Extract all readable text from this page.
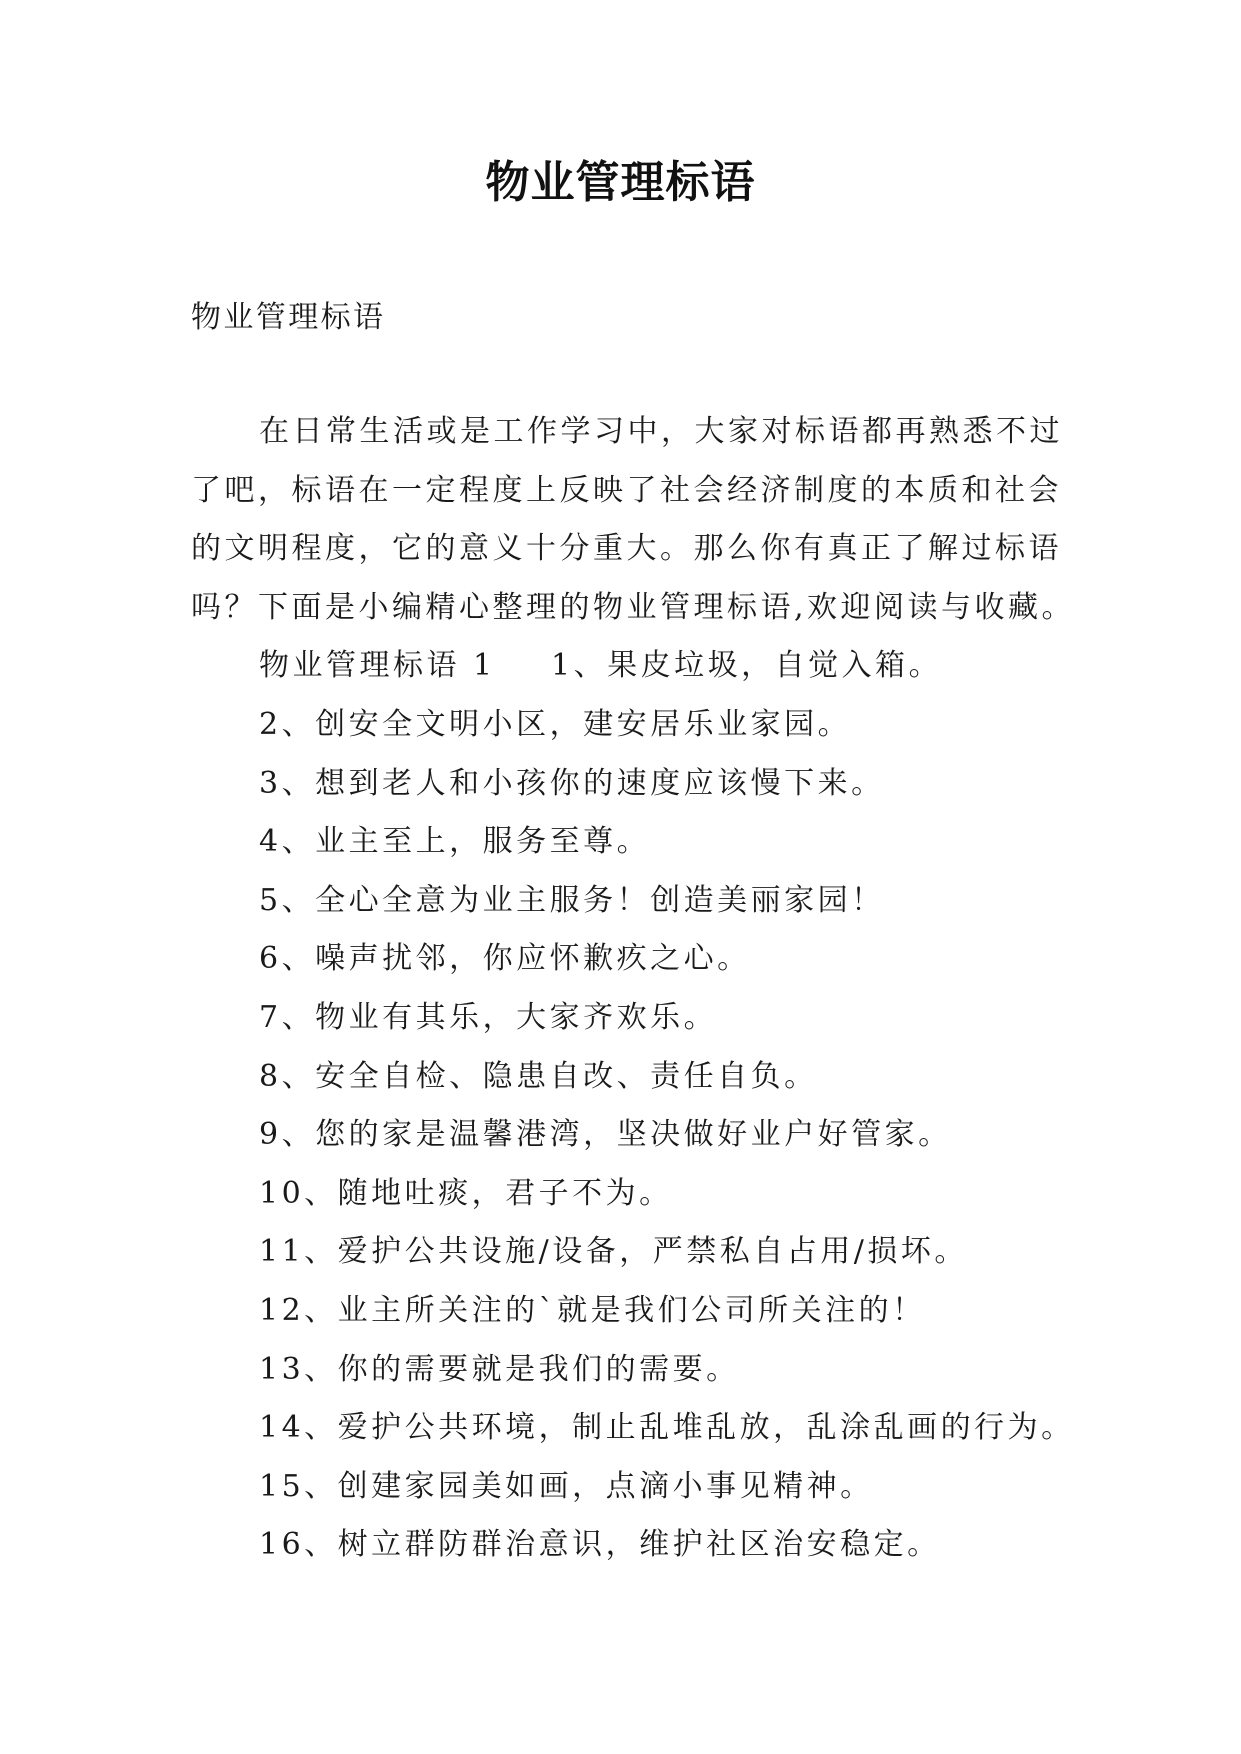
物业管理标语
物业管理标语
在日常生活或是工作学习中，大家对标语都再熟悉不过
了吧，标语在一定程度上反映了社会经济制度的本质和社会
的文明程度，它的意义十分重大。那么你有真正了解过标语
吗？下面是小编精心整理的物业管理标语,欢迎阅读与收藏。
物业管理标语 1 1、果皮垃圾，自觉入箱。
2、创安全文明小区，建安居乐业家园。
3、想到老人和小孩你的速度应该慢下来。
4、业主至上，服务至尊。
5、全心全意为业主服务！创造美丽家园！
6、噪声扰邻，你应怀歉疚之心。
7、物业有其乐，大家齐欢乐。
8、安全自检、隐患自改、责任自负。
9、您的家是温馨港湾，坚决做好业户好管家。
10、随地吐痰，君子不为。
11、爱护公共设施/设备，严禁私自占用/损坏。
12、业主所关注的`就是我们公司所关注的！
13、你的需要就是我们的需要。
14、爱护公共环境，制止乱堆乱放，乱涂乱画的行为。
15、创建家园美如画，点滴小事见精神。
16、树立群防群治意识，维护社区治安稳定。
